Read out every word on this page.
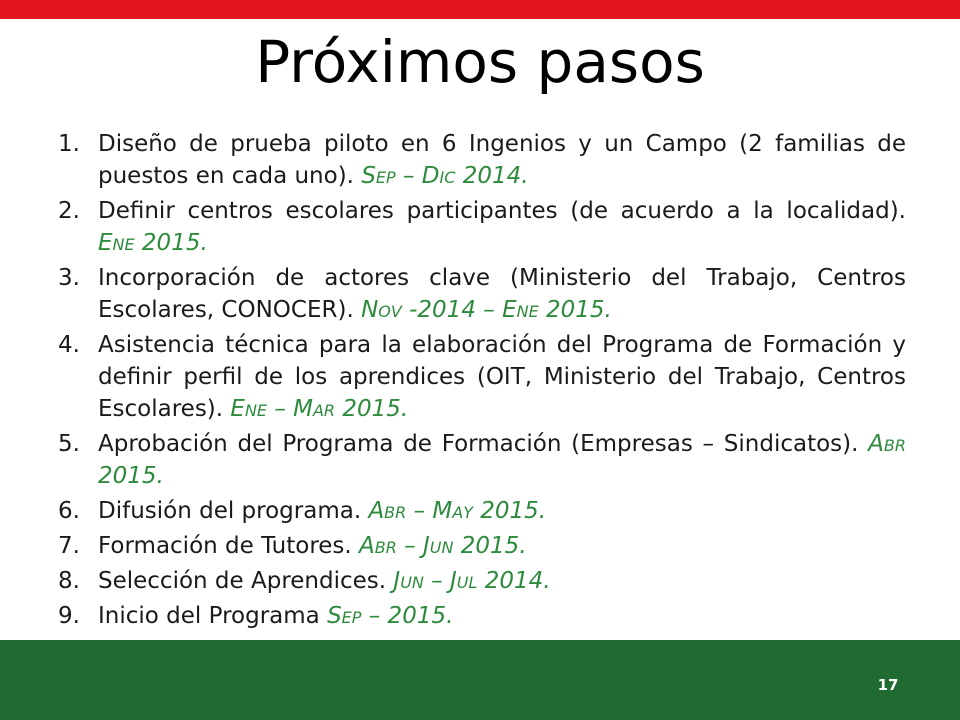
Próximos pasos
1. Diseño de prueba piloto en 6 Ingenios y un Campo (2 familias de puestos en cada uno). Sep – Dic 2014.
2. Definir centros escolares participantes (de acuerdo a la localidad). Ene 2015.
3. Incorporación de actores clave (Ministerio del Trabajo, Centros Escolares, CONOCER). Nov -2014 – Ene 2015.
4. Asistencia técnica para la elaboración del Programa de Formación y definir perfil de los aprendices (OIT, Ministerio del Trabajo, Centros Escolares). Ene – Mar 2015.
5. Aprobación del Programa de Formación (Empresas – Sindicatos). Abr 2015.
6. Difusión del programa. Abr – May 2015.
7. Formación de Tutores. Abr – Jun 2015.
8. Selección de Aprendices. Jun – Jul 2014.
9. Inicio del Programa Sep – 2015.
17
